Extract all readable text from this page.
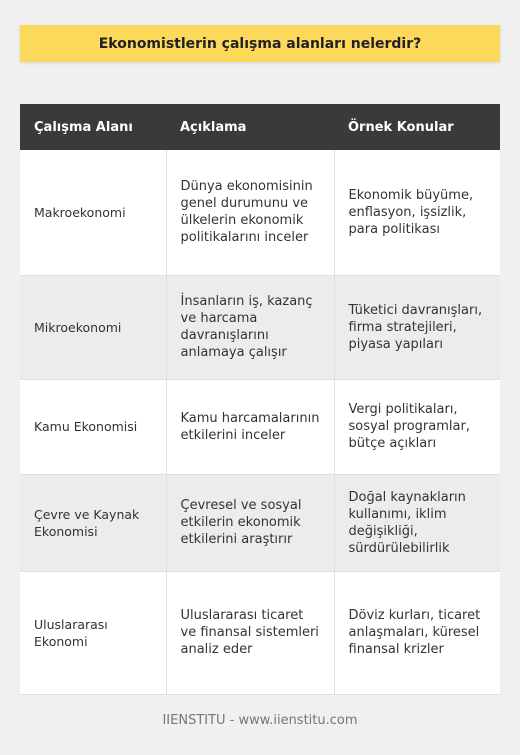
Ekonomistlerin çalışma alanları nelerdir?
Çalışma Alanı	Açıklama	Örnek Konular
Makroekonomi	Dünya ekonomisinin genel durumunu ve ülkelerin ekonomik politikalarını inceler	Ekonomik büyüme, enflasyon, işsizlik, para politikası
Mikroekonomi	İnsanların iş, kazanç ve harcama davranışlarını anlamaya çalışır	Tüketici davranışları, firma stratejileri, piyasa yapıları
Kamu Ekonomisi	Kamu harcamalarının etkilerini inceler	Vergi politikaları, sosyal programlar, bütçe açıkları
Çevre ve Kaynak Ekonomisi	Çevresel ve sosyal etkilerin ekonomik etkilerini araştırır	Doğal kaynakların kullanımı, iklim değişikliği, sürdürülebilirlik
Uluslararası Ekonomi	Uluslararası ticaret ve finansal sistemleri analiz eder	Döviz kurları, ticaret anlaşmaları, küresel finansal krizler
IIENSTITU - www.iienstitu.com
